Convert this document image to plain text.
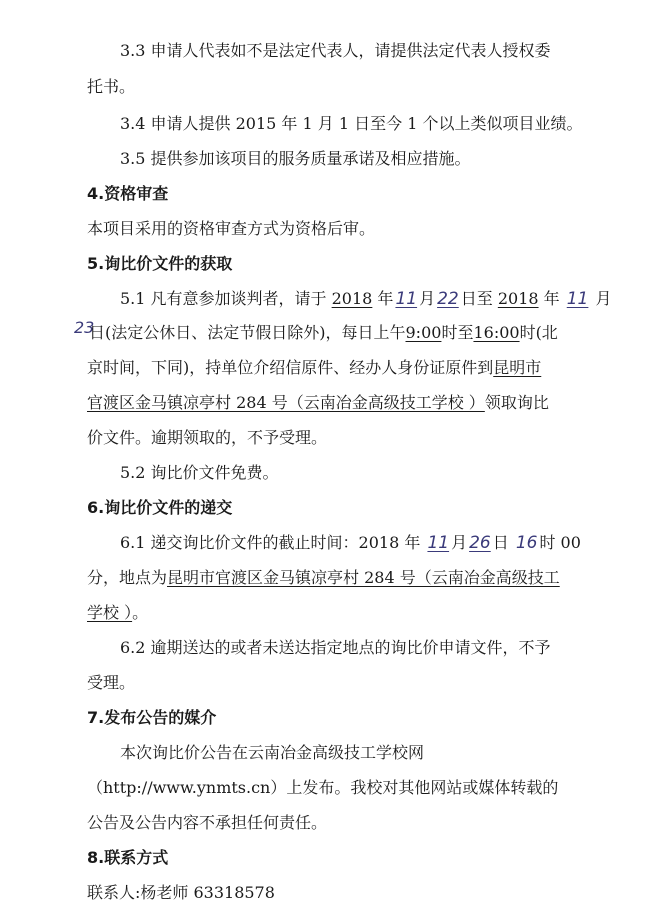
3.3 申请人代表如不是法定代表人，请提供法定代表人授权委
托书。
3.4 申请人提供 2015 年 1 月 1 日至今 1 个以上类似项目业绩。
3.5 提供参加该项目的服务质量承诺及相应措施。
4.资格审查
本项目采用的资格审查方式为资格后审。
5.询比价文件的获取
5.1 凡有意参加谈判者，请于 2018 年 11 月 22 日至 2018 年 11 月
23
日(法定公休日、法定节假日除外)，每日上午9:00时至16:00时(北
京时间，下同)，持单位介绍信原件、经办人身份证原件到昆明市
官渡区金马镇凉亭村 284 号（云南冶金高级技工学校 ）领取询比
价文件。逾期领取的，不予受理。
5.2 询比价文件免费。
6.询比价文件的递交
6.1 递交询比价文件的截止时间：2018 年 11 月 26 日 16 时 00
分，地点为昆明市官渡区金马镇凉亭村 284 号（云南冶金高级技工
学校 ）。
6.2 逾期送达的或者未送达指定地点的询比价申请文件，不予
受理。
7.发布公告的媒介
本次询比价公告在云南冶金高级技工学校网
（http://www.ynmts.cn）上发布。我校对其他网站或媒体转载的
公告及公告内容不承担任何责任。
8.联系方式
联系人:杨老师 63318578
